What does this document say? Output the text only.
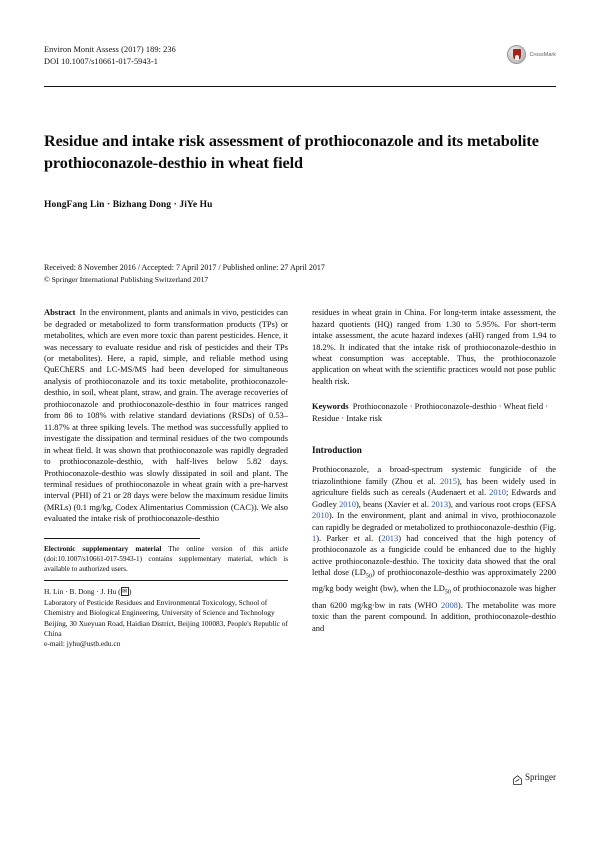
Environ Monit Assess (2017) 189: 236
DOI 10.1007/s10661-017-5943-1
CrossMark
Residue and intake risk assessment of prothioconazole and its metabolite prothioconazole-desthio in wheat field
HongFang Lin · Bizhang Dong · JiYe Hu
Received: 8 November 2016 / Accepted: 7 April 2017 / Published online: 27 April 2017
© Springer International Publishing Switzerland 2017

Abstract In the environment, plants and animals in vivo, pesticides can be degraded or metabolized to form transformation products (TPs) or metabolites, which are even more toxic than parent pesticides. Hence, it was necessary to evaluate residue and risk of pesticides and their TPs (or metabolites). Here, a rapid, simple, and reliable method using QuEChERS and LC-MS/MS had been developed for simultaneous analysis of prothioconazole and its toxic metabolite, prothioconazole-desthio, in soil, wheat plant, straw, and grain. The average recoveries of prothioconazole and prothioconazole-desthio in four matrices ranged from 86 to 108% with relative standard deviations (RSDs) of 0.53–11.87% at three spiking levels. The method was successfully applied to investigate the dissipation and terminal residues of the two compounds in wheat field. It was shown that prothioconazole was rapidly degraded to prothioconazole-desthio, with half-lives below 5.82 days. Prothioconazole-desthio was slowly dissipated in soil and plant. The terminal residues of prothioconazole in wheat grain with a pre-harvest interval (PHI) of 21 or 28 days were below the maximum residue limits (MRLs) (0.1 mg/kg, Codex Alimentarius Commission (CAC)). We also evaluated the intake risk of prothioconazole-desthio

Electronic supplementary material The online version of this article (doi:10.1007/s10661-017-5943-1) contains supplementary material, which is available to authorized users.

H. Lin · B. Dong · J. Hu ( ✉ )

Laboratory of Pesticide Residues and Environmental Toxicology, School of Chemistry and Biological Engineering, University of Science and Technology Beijing, 30 Xueyuan Road, Haidian District, Beijing 100083, People's Republic of China

e-mail: jyhu@ustb.edu.cn

residues in wheat grain in China. For long-term intake assessment, the hazard quotients (HQ) ranged from 1.30 to 5.95%. For short-term intake assessment, the acute hazard indexes (aHI) ranged from 1.94 to 18.2%. It indicated that the intake risk of prothioconazole-desthio in wheat consumption was acceptable. Thus, the prothioconazole application on wheat with the scientific practices would not pose public health risk.

Keywords Prothioconazole · Prothioconazole-desthio · Wheat field · Residue · Intake risk

Introduction

Prothioconazole, a broad-spectrum systemic fungicide of the triazolinthione family (Zhou et al. 2015), has been widely used in agriculture fields such as cereals (Audenaert et al. 2010; Edwards and Godley 2010), beans (Xavier et al. 2013), and various root crops (EFSA 2010). In the environment, plant and animal in vivo, prothioconazole can rapidly be degraded or metabolized to prothioconazole-desthio (Fig. 1). Parker et al. (2013) had conceived that the high potency of prothioconazole as a fungicide could be enhanced due to the highly active prothioconazole-desthio. The toxicity data showed that the oral lethal dose $(LD_{50})$ of prothioconazole-desthio was approximately 2200 mg/kg body weight (bw), when the $LD_{50}$ of prothioconazole was higher than 6200 mg/kg·bw in rats (WHO 2008). The metabolite was more toxic than the parent compound. In addition, prothioconazole-desthio and

Springer
